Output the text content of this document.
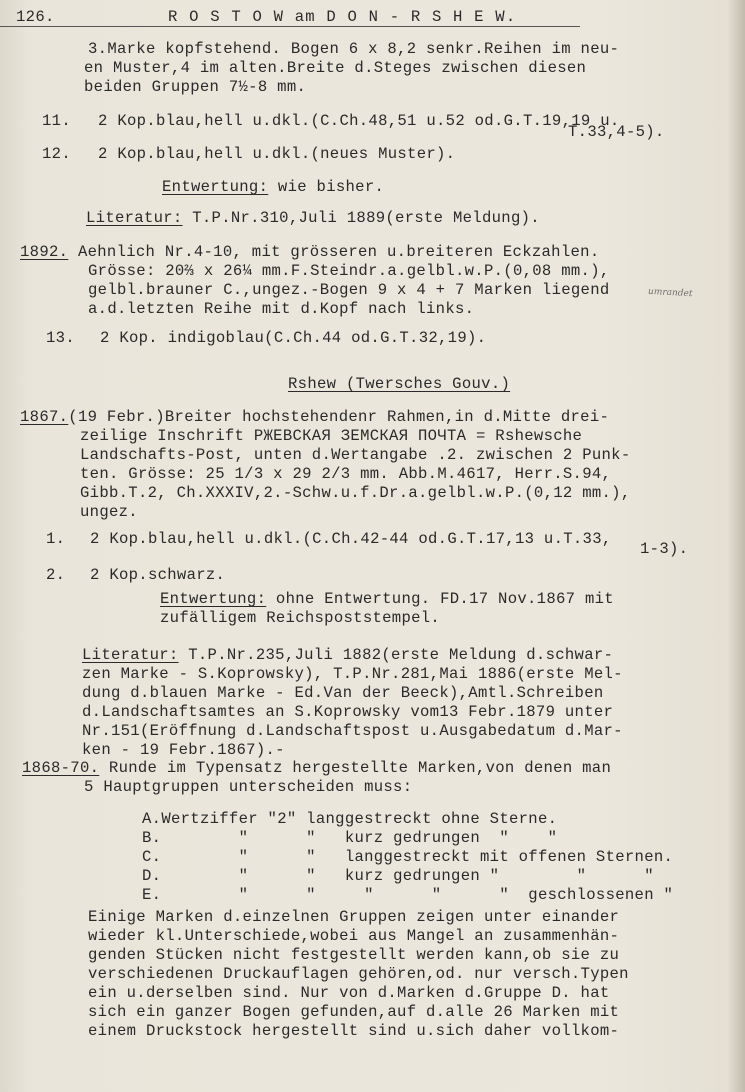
126.	R O S T O W am D O N - R S H E W.
3.Marke kopfstehend. Bogen 6 x 8,2 senkr.Reihen im neu-
en Muster,4 im alten.Breite d.Steges zwischen diesen
beiden Gruppen 7½-8 mm.
11. 2 Kop.blau,hell u.dkl.(C.Ch.48,51 u.52 od.G.T.19,19 u.
T.33,4-5).
12. 2 Kop.blau,hell u.dkl.(neues Muster).
Entwertung: wie bisher.
Literatur: T.P.Nr.310,Juli 1889(erste Meldung).
1892. Aehnlich Nr.4-10, mit grösseren u.breiteren Eckzahlen.
Grösse: 20⅔ x 26¼ mm.F.Steindr.a.gelbl.w.P.(0,08 mm.),
gelbl.brauner C.,ungez.-Bogen 9 x 4 + 7 Marken liegend
a.d.letzten Reihe mit d.Kopf nach links.
umrandet
13. 2 Kop. indigoblau(C.Ch.44 od.G.T.32,19).
Rshew (Twersches Gouv.)
1867.(19 Febr.)Breiter hochstehendenr Rahmen,in d.Mitte drei-
zeilige Inschrift РЖЕВСКАЯ ЗЕМСКАЯ ПОЧТА = Rshewsche
Landschafts-Post, unten d.Wertangabe .2. zwischen 2 Punk-
ten. Grösse: 25 1/3 x 29 2/3 mm. Abb.M.4617, Herr.S.94,
Gibb.T.2, Ch.XXXIV,2.-Schw.u.f.Dr.a.gelbl.w.P.(0,12 mm.),
ungez.
1. 2 Kop.blau,hell u.dkl.(C.Ch.42-44 od.G.T.17,13 u.T.33,
1-3).
2. 2 Kop.schwarz.
Entwertung: ohne Entwertung. FD.17 Nov.1867 mit
zufälligem Reichspoststempel.
Literatur: T.P.Nr.235,Juli 1882(erste Meldung d.schwar-
zen Marke - S.Koprowsky), T.P.Nr.281,Mai 1886(erste Mel-
dung d.blauen Marke - Ed.Van der Beeck),Amtl.Schreiben
d.Landschaftsamtes an S.Koprowsky vom13 Febr.1879 unter
Nr.151(Eröffnung d.Landschaftspost u.Ausgabedatum d.Mar-
ken - 19 Febr.1867).-
1868-70. Runde im Typensatz hergestellte Marken,von denen man
5 Hauptgruppen unterscheiden muss:
A.Wertziffer "2" langgestreckt ohne Sterne.
B.        "      "   kurz gedrungen  "    "
C.        "      "   langgestreckt mit offenen Sternen.
D.        "      "   kurz gedrungen "        "      "
E.        "      "     "      "      "  geschlossenen "
Einige Marken d.einzelnen Gruppen zeigen unter einander
wieder kl.Unterschiede,wobei aus Mangel an zusammenhän-
genden Stücken nicht festgestellt werden kann,ob sie zu
verschiedenen Druckauflagen gehören,od. nur versch.Typen
ein u.derselben sind. Nur von d.Marken d.Gruppe D. hat
sich ein ganzer Bogen gefunden,auf d.alle 26 Marken mit
einem Druckstock hergestellt sind u.sich daher vollkom-
